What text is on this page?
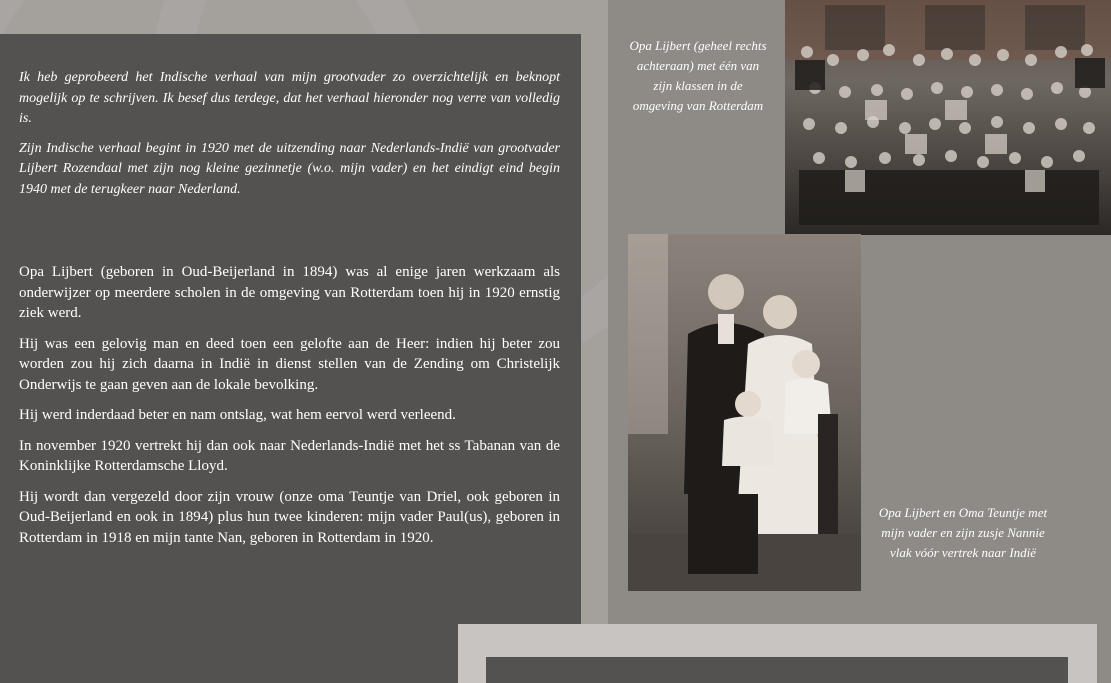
Ik heb geprobeerd het Indische verhaal van mijn grootvader zo overzichtelijk en beknopt mogelijk op te schrijven. Ik besef dus terdege, dat het verhaal hieronder nog verre van volledig is.

Zijn Indische verhaal begint in 1920 met de uitzending naar Nederlands-Indië van grootvader Lijbert Rozendaal met zijn nog kleine gezinnetje (w.o. mijn vader) en het eindigt eind begin 1940 met de terugkeer naar Nederland.

Opa Lijbert (geboren in Oud-Beijerland in 1894) was al enige jaren werkzaam als onderwijzer op meerdere scholen in de omgeving van Rotterdam toen hij in 1920 ernstig ziek werd.

Hij was een gelovig man en deed toen een gelofte aan de Heer: indien hij beter zou worden zou hij zich daarna in Indië in dienst stellen van de Zending om Christelijk Onderwijs te gaan geven aan de lokale bevolking.

Hij werd inderdaad beter en nam ontslag, wat hem eervol werd verleend.

In november 1920 vertrekt hij dan ook naar Nederlands-Indië met het ss Tabanan van de Koninklijke Rotterdamsche Lloyd.

Hij wordt dan vergezeld door zijn vrouw (onze oma Teuntje van Driel, ook geboren in Oud-Beijerland en ook in 1894) plus hun twee kinderen: mijn vader Paul(us), geboren in Rotterdam in 1918 en mijn tante Nan, geboren in Rotterdam in 1920.

Opa Lijbert (geheel rechts achteraan) met één van zijn klassen in de omgeving van Rotterdam
Opa Lijbert en Oma Teuntje met mijn vader en zijn zusje Nannie vlak vóór vertrek naar Indië
